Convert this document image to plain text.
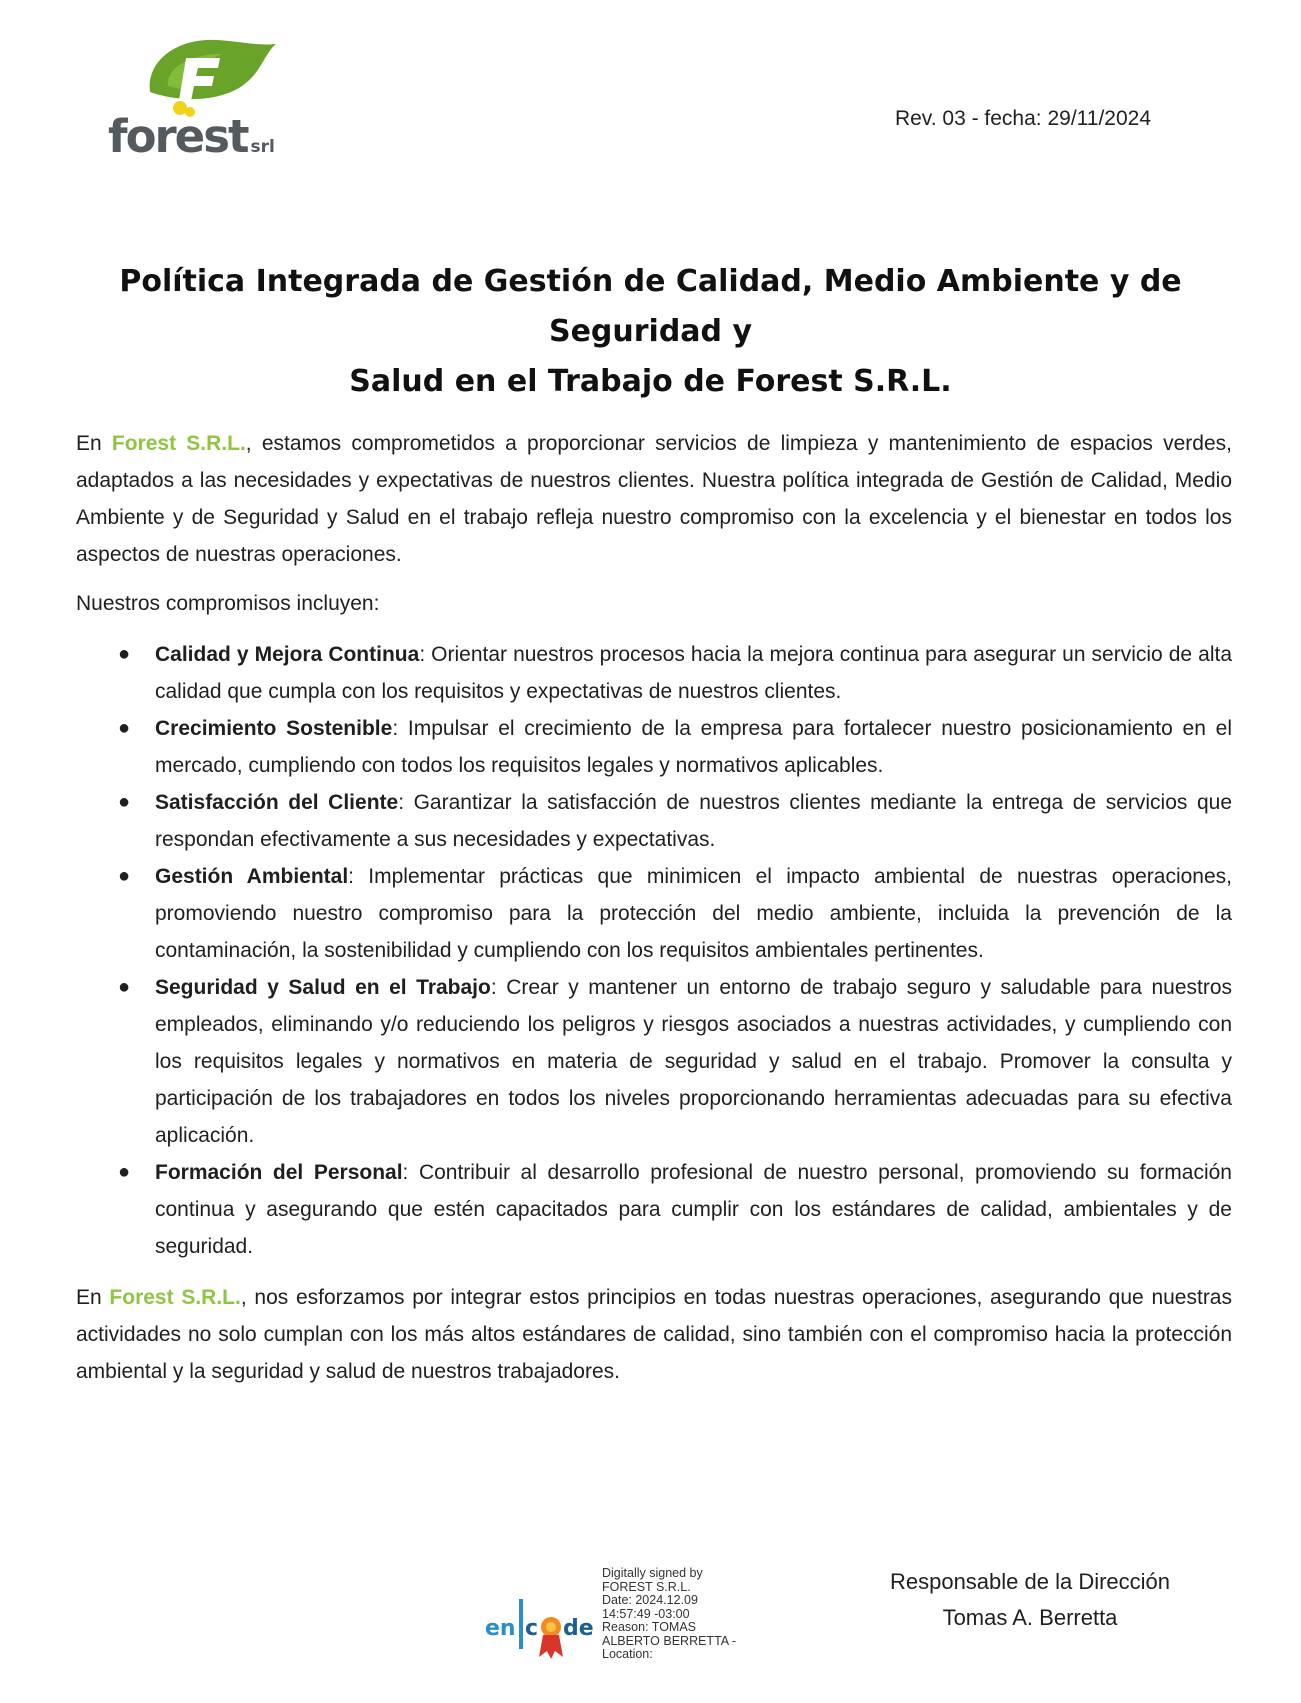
forest srl
Rev. 03 - fecha: 29/11/2024
Política Integrada de Gestión de Calidad, Medio Ambiente y de Seguridad y
Salud en el Trabajo de Forest S.R.L.

En Forest S.R.L., estamos comprometidos a proporcionar servicios de limpieza y mantenimiento de espacios verdes, adaptados a las necesidades y expectativas de nuestros clientes. Nuestra política integrada de Gestión de Calidad, Medio Ambiente y de Seguridad y Salud en el trabajo refleja nuestro compromiso con la excelencia y el bienestar en todos los aspectos de nuestras operaciones.

Nuestros compromisos incluyen:

● Calidad y Mejora Continua: Orientar nuestros procesos hacia la mejora continua para asegurar un servicio de alta calidad que cumpla con los requisitos y expectativas de nuestros clientes.
● Crecimiento Sostenible: Impulsar el crecimiento de la empresa para fortalecer nuestro posicionamiento en el mercado, cumpliendo con todos los requisitos legales y normativos aplicables.
● Satisfacción del Cliente: Garantizar la satisfacción de nuestros clientes mediante la entrega de servicios que respondan efectivamente a sus necesidades y expectativas.
● Gestión Ambiental: Implementar prácticas que minimicen el impacto ambiental de nuestras operaciones, promoviendo nuestro compromiso para la protección del medio ambiente, incluida la prevención de la contaminación, la sostenibilidad y cumpliendo con los requisitos ambientales pertinentes.
● Seguridad y Salud en el Trabajo: Crear y mantener un entorno de trabajo seguro y saludable para nuestros empleados, eliminando y/o reduciendo los peligros y riesgos asociados a nuestras actividades, y cumpliendo con los requisitos legales y normativos en materia de seguridad y salud en el trabajo. Promover la consulta y participación de los trabajadores en todos los niveles proporcionando herramientas adecuadas para su efectiva aplicación.
● Formación del Personal: Contribuir al desarrollo profesional de nuestro personal, promoviendo su formación continua y asegurando que estén capacitados para cumplir con los estándares de calidad, ambientales y de seguridad.

En Forest S.R.L., nos esforzamos por integrar estos principios en todas nuestras operaciones, asegurando que nuestras actividades no solo cumplan con los más altos estándares de calidad, sino también con el compromiso hacia la protección ambiental y la seguridad y salud de nuestros trabajadores.

en c de
Digitally signed by
FOREST S.R.L.
Date: 2024.12.09
14:57:49 -03:00
Reason: TOMAS
ALBERTO BERRETTA -
Location:
Responsable de la Dirección
Tomas A. Berretta
